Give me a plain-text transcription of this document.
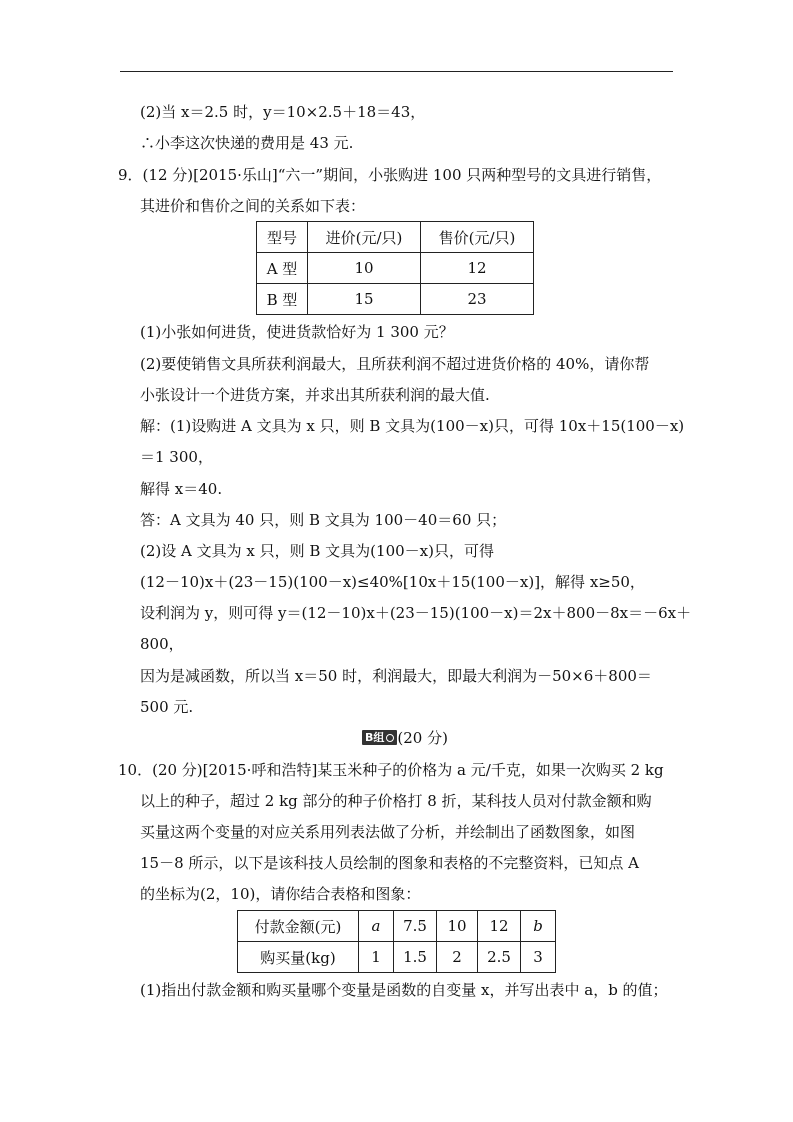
(2)当 x＝2.5 时，y＝10×2.5＋18＝43，
∴小李这次快递的费用是 43 元.
9．(12 分)[2015·乐山]“六一”期间，小张购进 100 只两种型号的文具进行销售，
其进价和售价之间的关系如下表：
型号	进价(元/只)	售价(元/只)
A 型	10	12
B 型	15	23
(1)小张如何进货，使进货款恰好为 1 300 元？
(2)要使销售文具所获利润最大，且所获利润不超过进货价格的 40%，请你帮
小张设计一个进货方案，并求出其所获利润的最大值.
解：(1)设购进 A 文具为 x 只，则 B 文具为(100－x)只，可得 10x＋15(100－x)
＝1 300，
解得 x＝40.
答：A 文具为 40 只，则 B 文具为 100－40＝60 只；
(2)设 A 文具为 x 只，则 B 文具为(100－x)只，可得
(12－10)x＋(23－15)(100－x)≤40%[10x＋15(100－x)]，解得 x≥50，
设利润为 y，则可得 y＝(12－10)x＋(23－15)(100－x)＝2x＋800－8x＝－6x＋
800，
因为是减函数，所以当 x＝50 时，利润最大，即最大利润为－50×6＋800＝
500 元.
B组 (20 分)
10．(20 分)[2015·呼和浩特]某玉米种子的价格为 a 元/千克，如果一次购买 2 kg
以上的种子，超过 2 kg 部分的种子价格打 8 折，某科技人员对付款金额和购
买量这两个变量的对应关系用列表法做了分析，并绘制出了函数图象，如图
15－8 所示，以下是该科技人员绘制的图象和表格的不完整资料，已知点 A
的坐标为(2，10)，请你结合表格和图象：
付款金额(元)	a	7.5	10	12	b
购买量(kg)	1	1.5	2	2.5	3
(1)指出付款金额和购买量哪个变量是函数的自变量 x，并写出表中 a，b 的值；
